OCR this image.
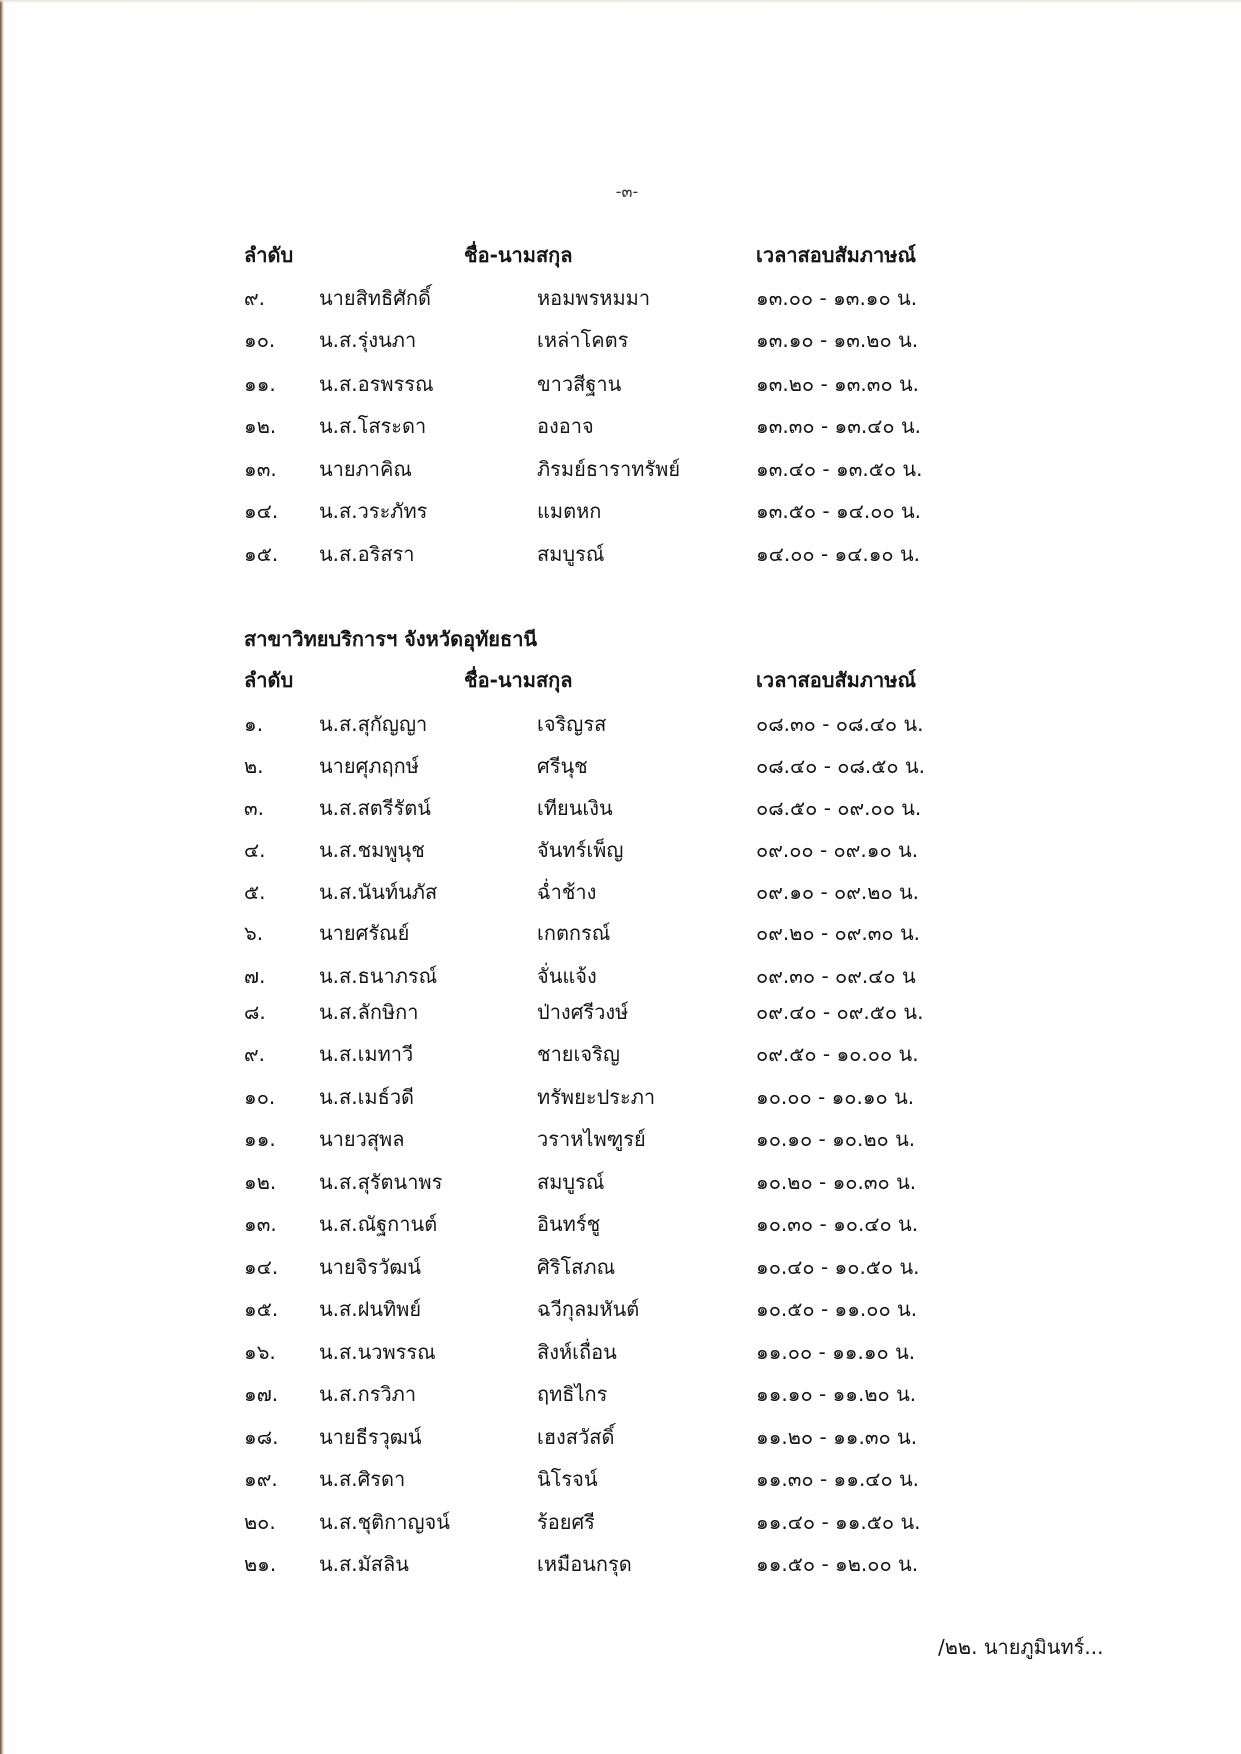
-๓-
ลำดับ	ชื่อ-นามสกุล	เวลาสอบสัมภาษณ์
๙.	นายสิทธิศักดิ์	หอมพรหมมา	๑๓.๐๐ - ๑๓.๑๐ น.
๑๐. น.ส.รุ่งนภา	เหล่าโคตร	๑๓.๑๐ - ๑๓.๒๐ น.
๑๑. น.ส.อรพรรณ	ขาวสีฐาน	๑๓.๒๐ - ๑๓.๓๐ น.
๑๒. น.ส.โสระดา	องอาจ	๑๓.๓๐ - ๑๓.๔๐ น.
๑๓. นายภาคิณ	ภิรมย์ธาราทรัพย์	๑๓.๔๐ - ๑๓.๕๐ น.
๑๔. น.ส.วระภัทร	แมตหก	๑๓.๕๐ - ๑๔.๐๐ น.
๑๕. น.ส.อริสรา	สมบูรณ์	๑๔.๐๐ - ๑๔.๑๐ น.
สาขาวิทยบริการฯ จังหวัดอุทัยธานี
ลำดับ	ชื่อ-นามสกุล	เวลาสอบสัมภาษณ์
๑.	น.ส.สุกัญญา	เจริญรส	๐๘.๓๐ - ๐๘.๔๐ น.
๒.	นายศุภฤกษ์	ศรีนุช	๐๘.๔๐ - ๐๘.๕๐ น.
๓.	น.ส.สตรีรัตน์	เทียนเงิน	๐๘.๕๐ - ๐๙.๐๐ น.
๔.	น.ส.ชมพูนุช	จันทร์เพ็ญ	๐๙.๐๐ - ๐๙.๑๐ น.
๕.	น.ส.นันท์นภัส	ฉ่ำช้าง	๐๙.๑๐ - ๐๙.๒๐ น.
๖.	นายศรัณย์	เกตกรณ์	๐๙.๒๐ - ๐๙.๓๐ น.
๗.	น.ส.ธนาภรณ์	จั่นแจ้ง	๐๙.๓๐ - ๐๙.๔๐ น
๘.	น.ส.ลักษิกา	ป่างศรีวงษ์	๐๙.๔๐ - ๐๙.๕๐ น.
๙.	น.ส.เมทาวี	ชายเจริญ	๐๙.๕๐ - ๑๐.๐๐ น.
๑๐. น.ส.เมธ์วดี	ทรัพยะประภา	๑๐.๐๐ - ๑๐.๑๐ น.
๑๑. นายวสุพล	วราหไพฑูรย์	๑๐.๑๐ - ๑๐.๒๐ น.
๑๒. น.ส.สุรัตนาพร	สมบูรณ์	๑๐.๒๐ - ๑๐.๓๐ น.
๑๓. น.ส.ณัฐกานต์	อินทร์ชู	๑๐.๓๐ - ๑๐.๔๐ น.
๑๔. นายจิรวัฒน์	ศิริโสภณ	๑๐.๔๐ - ๑๐.๕๐ น.
๑๕. น.ส.ฝนทิพย์	ฉวีกุลมหันต์	๑๐.๕๐ - ๑๑.๐๐ น.
๑๖. น.ส.นวพรรณ	สิงห์เถื่อน	๑๑.๐๐ - ๑๑.๑๐ น.
๑๗. น.ส.กรวิภา	ฤทธิไกร	๑๑.๑๐ - ๑๑.๒๐ น.
๑๘. นายธีรวุฒน์	เฮงสวัสดิ์	๑๑.๒๐ - ๑๑.๓๐ น.
๑๙. น.ส.ศิรดา	นิโรจน์	๑๑.๓๐ - ๑๑.๔๐ น.
๒๐. น.ส.ชุติกาญจน์	ร้อยศรี	๑๑.๔๐ - ๑๑.๕๐ น.
๒๑. น.ส.มัสลิน	เหมือนกรุด	๑๑.๕๐ - ๑๒.๐๐ น.
/๒๒. นายภูมินทร์...
